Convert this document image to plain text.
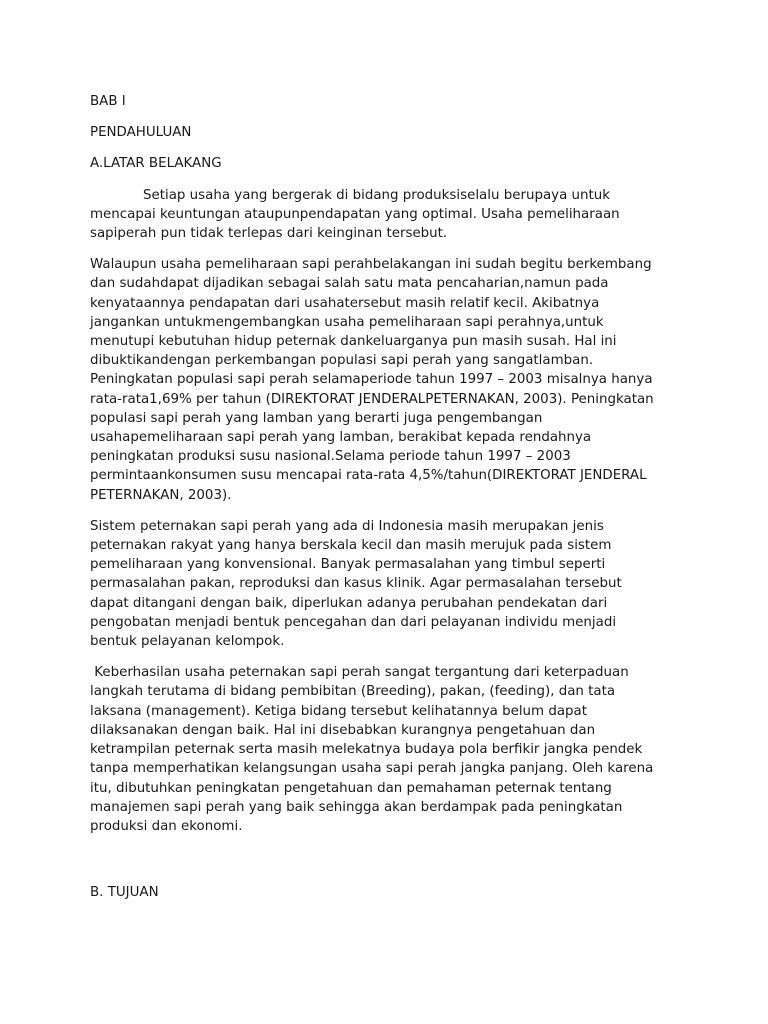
BAB I

PENDAHULUAN

A.LATAR BELAKANG

Setiap usaha yang bergerak di bidang produksiselalu berupaya untuk

mencapai keuntungan ataupunpendapatan yang optimal. Usaha pemeliharaan

sapiperah pun tidak terlepas dari keinginan tersebut.

Walaupun usaha pemeliharaan sapi perahbelakangan ini sudah begitu berkembang

dan sudahdapat dijadikan sebagai salah satu mata pencaharian,namun pada

kenyataannya pendapatan dari usahatersebut masih relatif kecil. Akibatnya

jangankan untukmengembangkan usaha pemeliharaan sapi perahnya,untuk

menutupi kebutuhan hidup peternak dankeluarganya pun masih susah. Hal ini

dibuktikandengan perkembangan populasi sapi perah yang sangatlamban.

Peningkatan populasi sapi perah selamaperiode tahun 1997 – 2003 misalnya hanya

rata-rata1,69% per tahun (DIREKTORAT JENDERALPETERNAKAN, 2003). Peningkatan

populasi sapi perah yang lamban yang berarti juga pengembangan

usahapemeliharaan sapi perah yang lamban, berakibat kepada rendahnya

peningkatan produksi susu nasional.Selama periode tahun 1997 – 2003

permintaankonsumen susu mencapai rata-rata 4,5%/tahun(DIREKTORAT JENDERAL

PETERNAKAN, 2003).

Sistem peternakan sapi perah yang ada di Indonesia masih merupakan jenis

peternakan rakyat yang hanya berskala kecil dan masih merujuk pada sistem

pemeliharaan yang konvensional. Banyak permasalahan yang timbul seperti

permasalahan pakan, reproduksi dan kasus klinik. Agar permasalahan tersebut

dapat ditangani dengan baik, diperlukan adanya perubahan pendekatan dari

pengobatan menjadi bentuk pencegahan dan dari pelayanan individu menjadi

bentuk pelayanan kelompok.

Keberhasilan usaha peternakan sapi perah sangat tergantung dari keterpaduan

langkah terutama di bidang pembibitan (Breeding), pakan, (feeding), dan tata

laksana (management). Ketiga bidang tersebut kelihatannya belum dapat

dilaksanakan dengan baik. Hal ini disebabkan kurangnya pengetahuan dan

ketrampilan peternak serta masih melekatnya budaya pola berfikir jangka pendek

tanpa memperhatikan kelangsungan usaha sapi perah jangka panjang. Oleh karena

itu, dibutuhkan peningkatan pengetahuan dan pemahaman peternak tentang

manajemen sapi perah yang baik sehingga akan berdampak pada peningkatan

produksi dan ekonomi.

B. TUJUAN
